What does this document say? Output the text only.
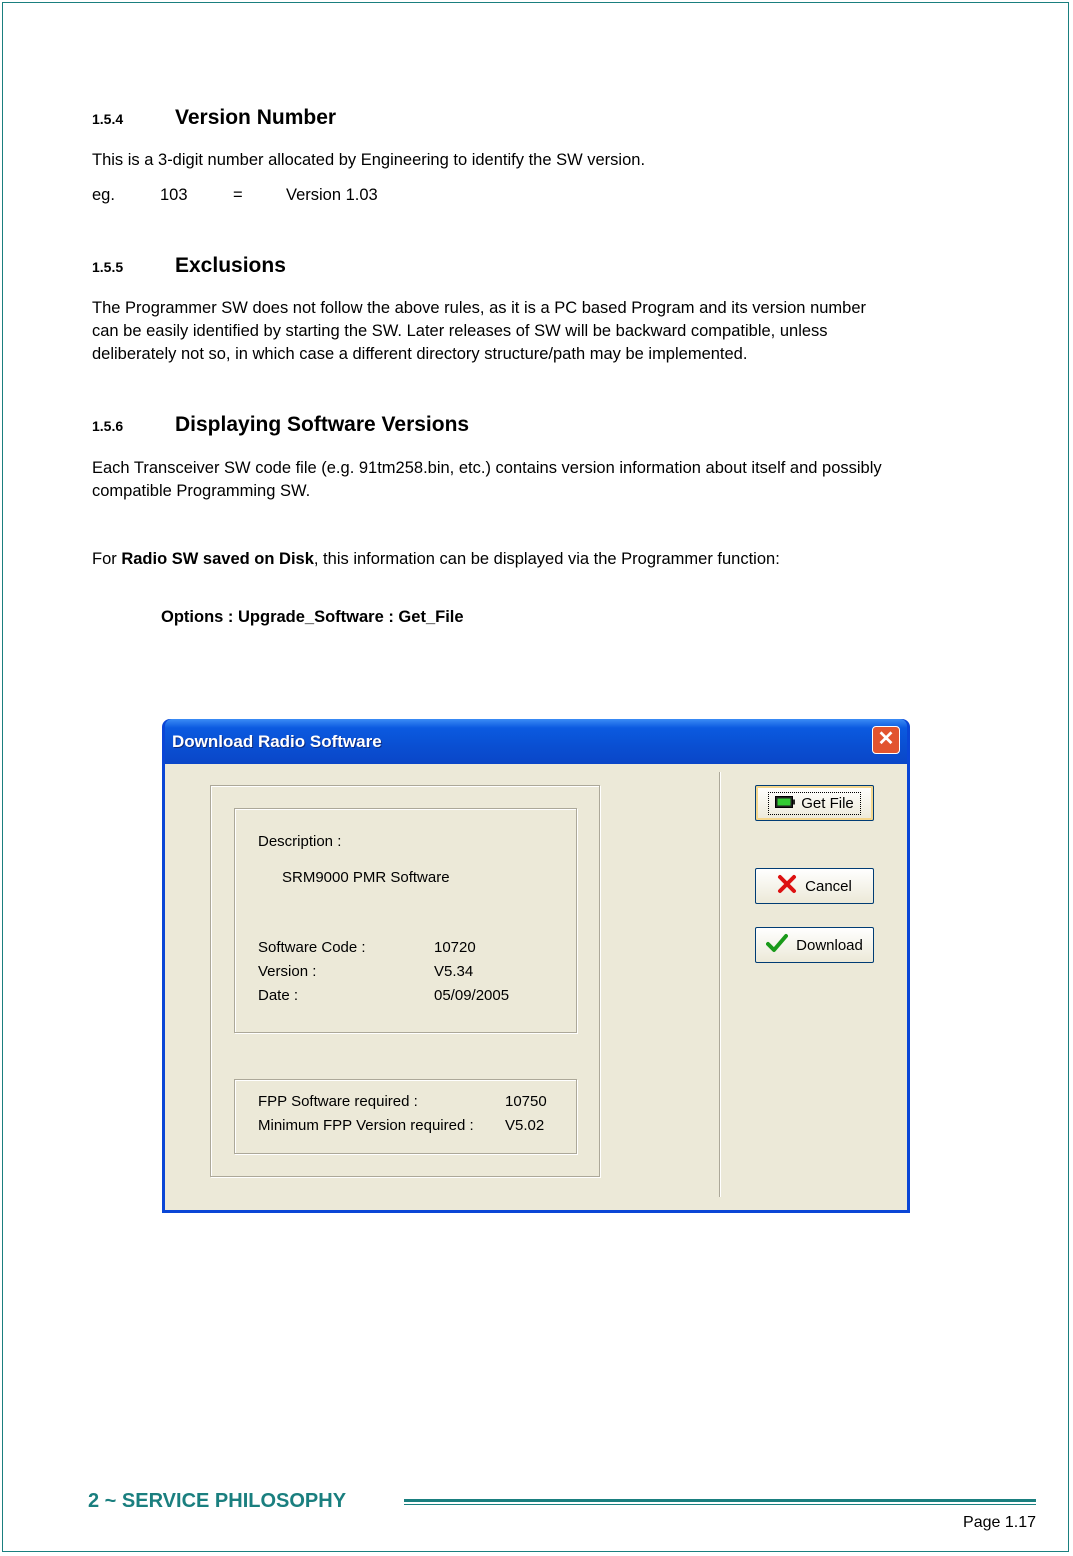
1.5.4 Version Number
This is a 3-digit number allocated by Engineering to identify the SW version.
eg.	103	=	Version 1.03
1.5.5 Exclusions
The Programmer SW does not follow the above rules, as it is a PC based Program and its version number
can be easily identified by starting the SW. Later releases of SW will be backward compatible, unless
deliberately not so, in which case a different directory structure/path may be implemented.
1.5.6 Displaying Software Versions
Each Transceiver SW code file (e.g. 91tm258.bin, etc.) contains version information about itself and possibly
compatible Programming SW.
For Radio SW saved on Disk, this information can be displayed via the Programmer function:
Options : Upgrade_Software : Get_File
Download Radio Software	✕
Description :
SRM9000 PMR Software
Software Code :	10720
Version :	V5.34
Date :	05/09/2005
FPP Software required :	10750
Minimum FPP Version required : V5.02
Get File
Cancel
Download
2 ~ SERVICE PHILOSOPHY
Page 1.17
